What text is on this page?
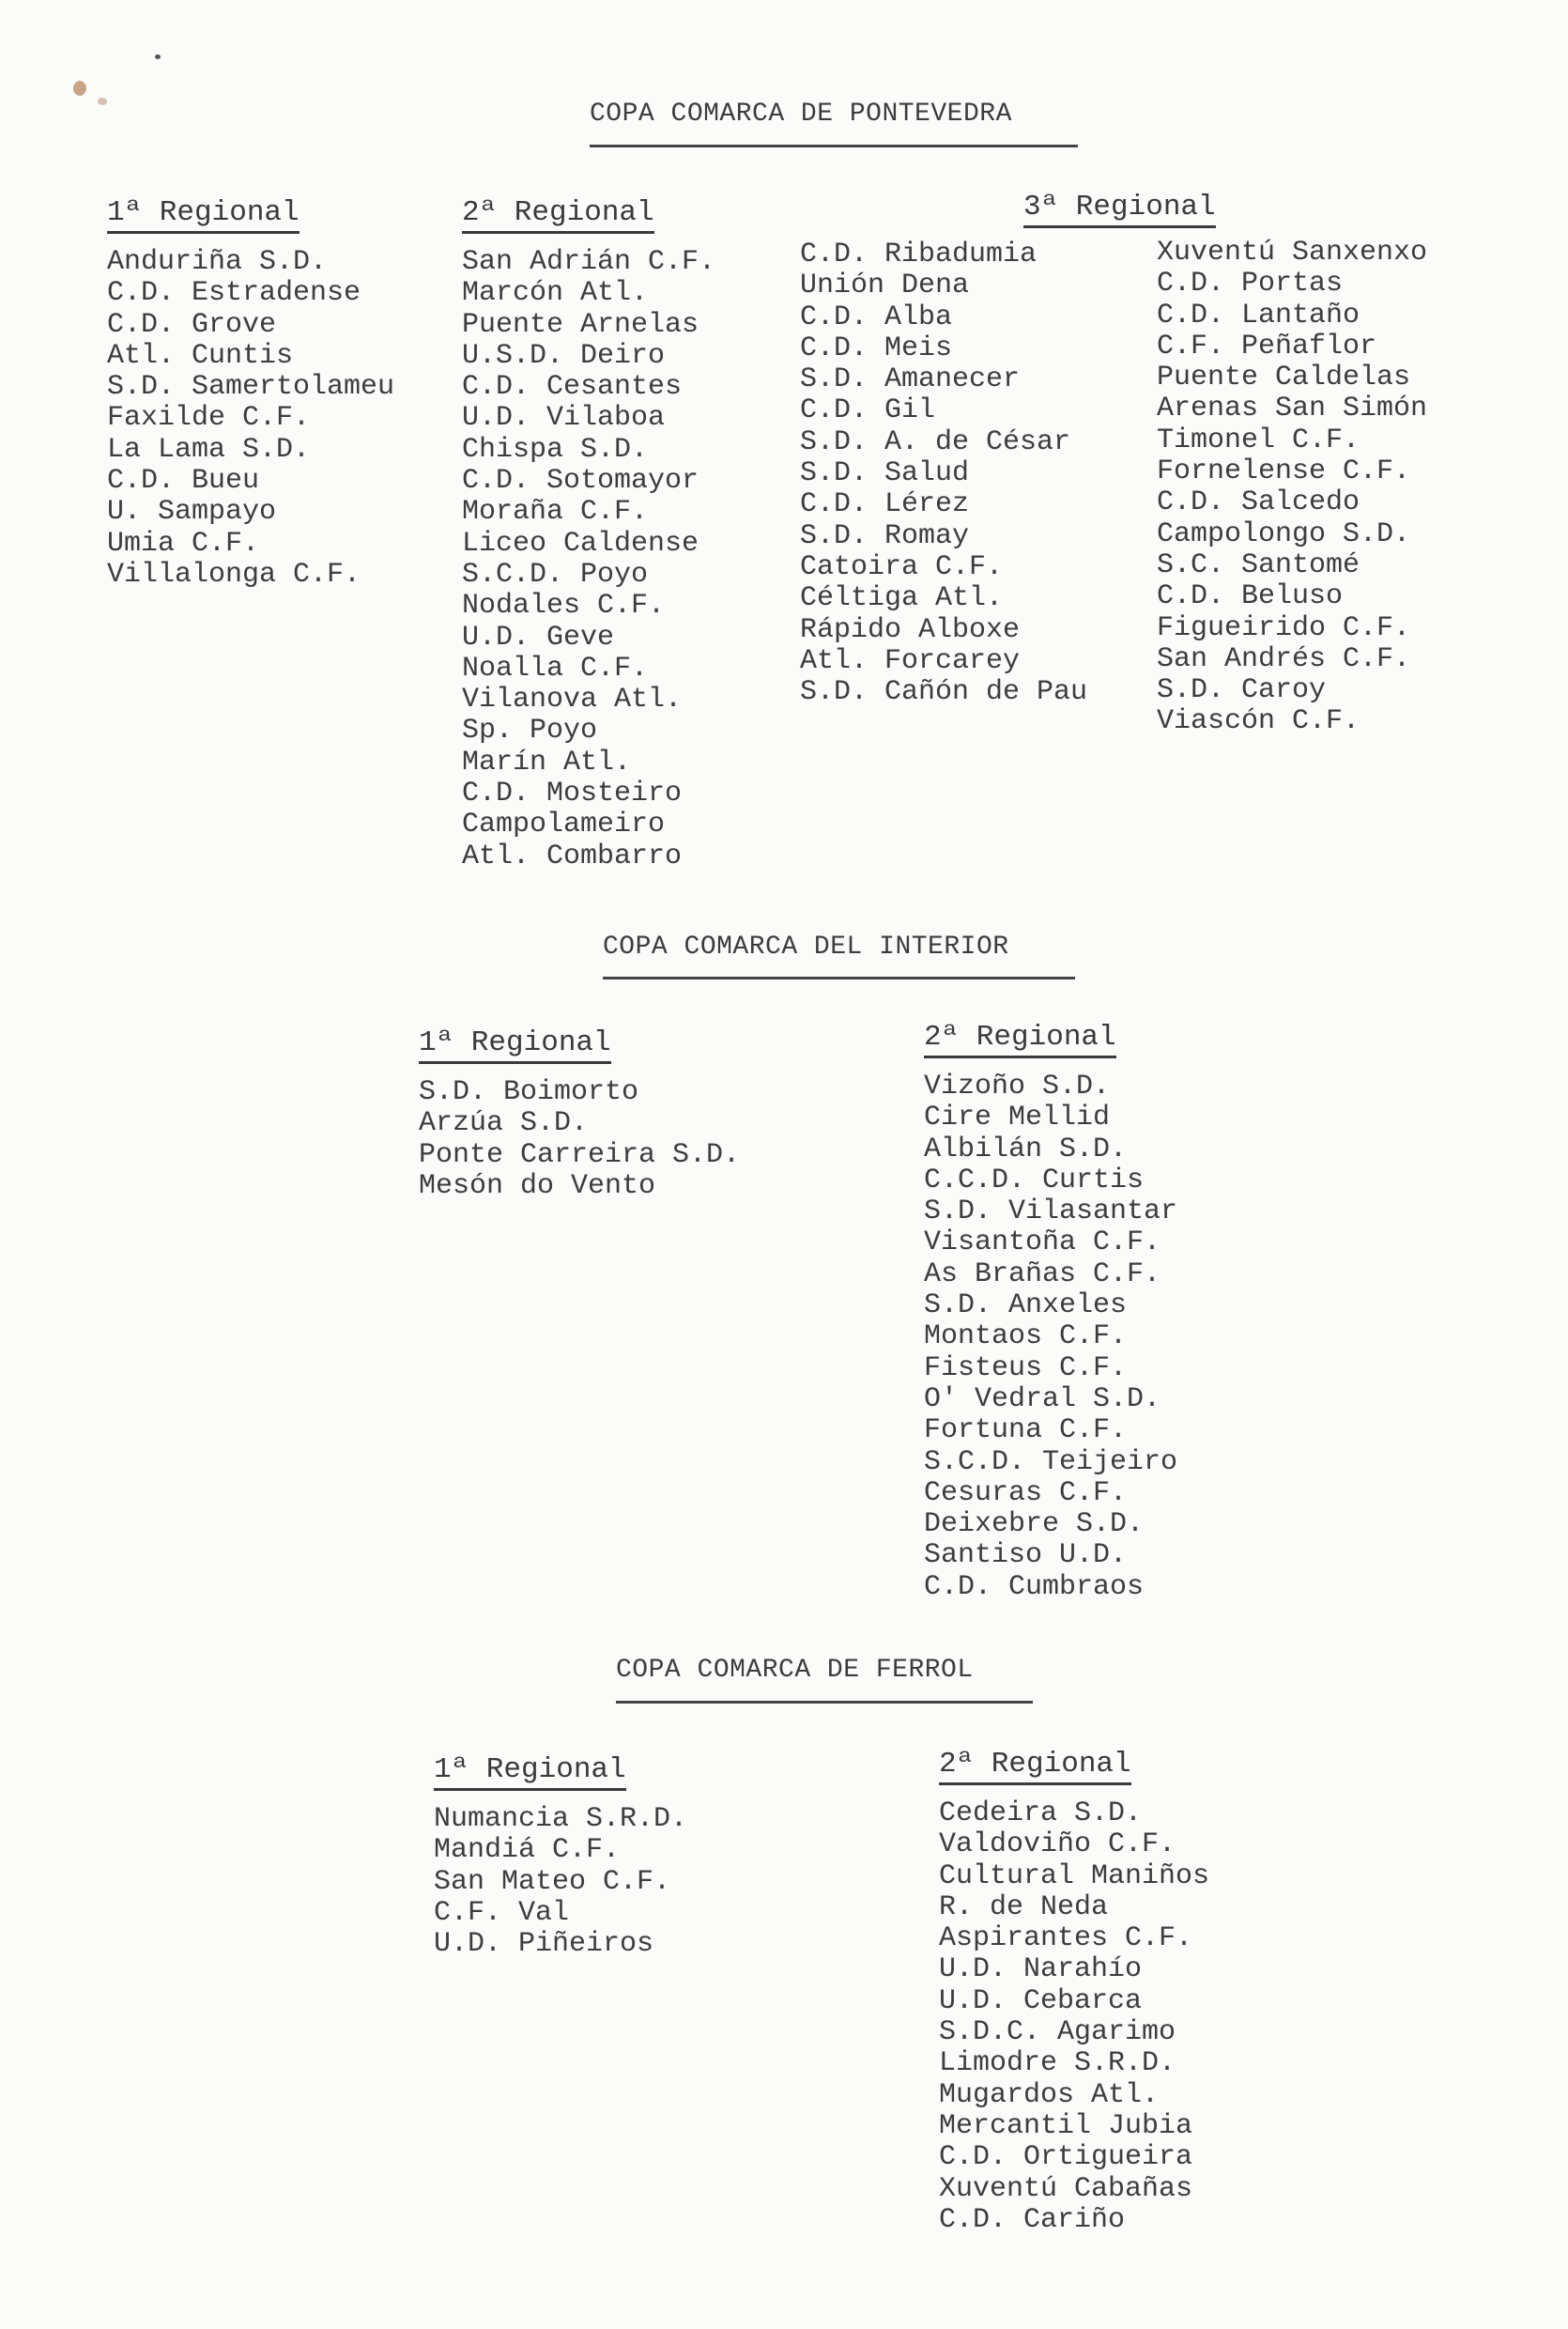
COPA COMARCA DE PONTEVEDRA
1ª Regional
Anduriña S.D.
C.D. Estradense
C.D. Grove
Atl. Cuntis
S.D. Samertolameu
Faxilde C.F.
La Lama S.D.
C.D. Bueu
U. Sampayo
Umia C.F.
Villalonga C.F.
2ª Regional
San Adrián C.F.
Marcón Atl.
Puente Arnelas
U.S.D. Deiro
C.D. Cesantes
U.D. Vilaboa
Chispa S.D.
C.D. Sotomayor
Moraña C.F.
Liceo Caldense
S.C.D. Poyo
Nodales C.F.
U.D. Geve
Noalla C.F.
Vilanova Atl.
Sp. Poyo
Marín Atl.
C.D. Mosteiro
Campolameiro
Atl. Combarro
C.D. Ribadumia
Unión Dena
C.D. Alba
C.D. Meis
S.D. Amanecer
C.D. Gil
S.D. A. de César
S.D. Salud
C.D. Lérez
S.D. Romay
Catoira C.F.
Céltiga Atl.
Rápido Alboxe
Atl. Forcarey
S.D. Cañón de Pau
3ª Regional
Xuventú Sanxenxo
C.D. Portas
C.D. Lantaño
C.F. Peñaflor
Puente Caldelas
Arenas San Simón
Timonel C.F.
Fornelense C.F.
C.D. Salcedo
Campolongo S.D.
S.C. Santomé
C.D. Beluso
Figueirido C.F.
San Andrés C.F.
S.D. Caroy
Viascón C.F.
COPA COMARCA DEL INTERIOR
1ª Regional
S.D. Boimorto
Arzúa S.D.
Ponte Carreira S.D.
Mesón do Vento
2ª Regional
Vizoño S.D.
Cire Mellid
Albilán S.D.
C.C.D. Curtis
S.D. Vilasantar
Visantoña C.F.
As Brañas C.F.
S.D. Anxeles
Montaos C.F.
Fisteus C.F.
O' Vedral S.D.
Fortuna C.F.
S.C.D. Teijeiro
Cesuras C.F.
Deixebre S.D.
Santiso U.D.
C.D. Cumbraos
COPA COMARCA DE FERROL
1ª Regional
Numancia S.R.D.
Mandiá C.F.
San Mateo C.F.
C.F. Val
U.D. Piñeiros
2ª Regional
Cedeira S.D.
Valdoviño C.F.
Cultural Maniños
R. de Neda
Aspirantes C.F.
U.D. Narahío
U.D. Cebarca
S.D.C. Agarimo
Limodre S.R.D.
Mugardos Atl.
Mercantil Jubia
C.D. Ortigueira
Xuventú Cabañas
C.D. Cariño
